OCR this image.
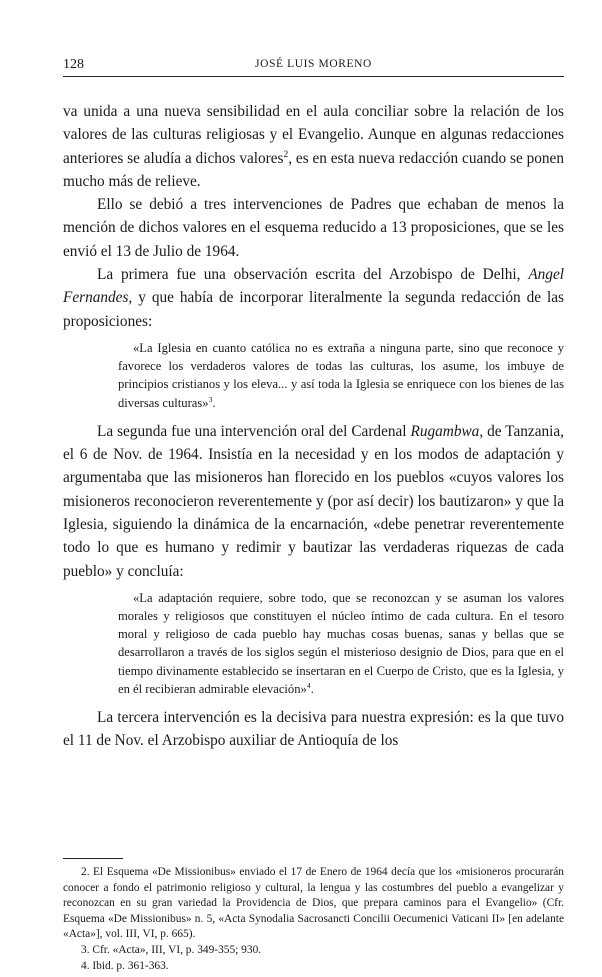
128	JOSÉ LUIS MORENO

va unida a una nueva sensibilidad en el aula conciliar sobre la relación de los valores de las culturas religiosas y el Evangelio. Aunque en algunas redacciones anteriores se aludía a dichos valores$^2$, es en esta nueva redacción cuando se ponen mucho más de relieve.

Ello se debió a tres intervenciones de Padres que echaban de menos la mención de dichos valores en el esquema reducido a 13 proposiciones, que se les envió el 13 de Julio de 1964.

La primera fue una observación escrita del Arzobispo de Delhi, Angel Fernandes, y que había de incorporar literalmente la segunda redacción de las proposiciones:

«La Iglesia en cuanto católica no es extraña a ninguna parte, sino que reconoce y favorece los verdaderos valores de todas las culturas, los asume, los imbuye de principios cristianos y los eleva... y así toda la Iglesia se enriquece con los bienes de las diversas culturas»$^3$.

La segunda fue una intervención oral del Cardenal Rugambwa, de Tanzania, el 6 de Nov. de 1964. Insistía en la necesidad y en los modos de adaptación y argumentaba que las misioneros han florecido en los pueblos «cuyos valores los misioneros reconocieron reverentemente y (por así decir) los bautizaron» y que la Iglesia, siguiendo la dinámica de la encarnación, «debe penetrar reverentemente todo lo que es humano y redimir y bautizar las verdaderas riquezas de cada pueblo» y concluía:

«La adaptación requiere, sobre todo, que se reconozcan y se asuman los valores morales y religiosos que constituyen el núcleo íntimo de cada cultura. En el tesoro moral y religioso de cada pueblo hay muchas cosas buenas, sanas y bellas que se desarrollaron a través de los siglos según el misterioso designio de Dios, para que en el tiempo divinamente establecido se insertaran en el Cuerpo de Cristo, que es la Iglesia, y en él recibieran admirable elevación»$^4$.

La tercera intervención es la decisiva para nuestra expresión: es la que tuvo el 11 de Nov. el Arzobispo auxiliar de Antioquía de los

2. El Esquema «De Missionibus» enviado el 17 de Enero de 1964 decía que los «misioneros procurarán conocer a fondo el patrimonio religioso y cultural, la lengua y las costumbres del pueblo a evangelizar y reconozcan en su gran variedad la Providencia de Dios, que prepara caminos para el Evangelio» (Cfr. Esquema «De Missionibus» n. 5, «Acta Synodalia Sacrosancti Concilii Oecumenici Vaticani II» [en adelante «Acta»], vol. III, VI, p. 665).

3. Cfr. «Acta», III, VI, p. 349-355; 930.

4. Ibid. p. 361-363.
